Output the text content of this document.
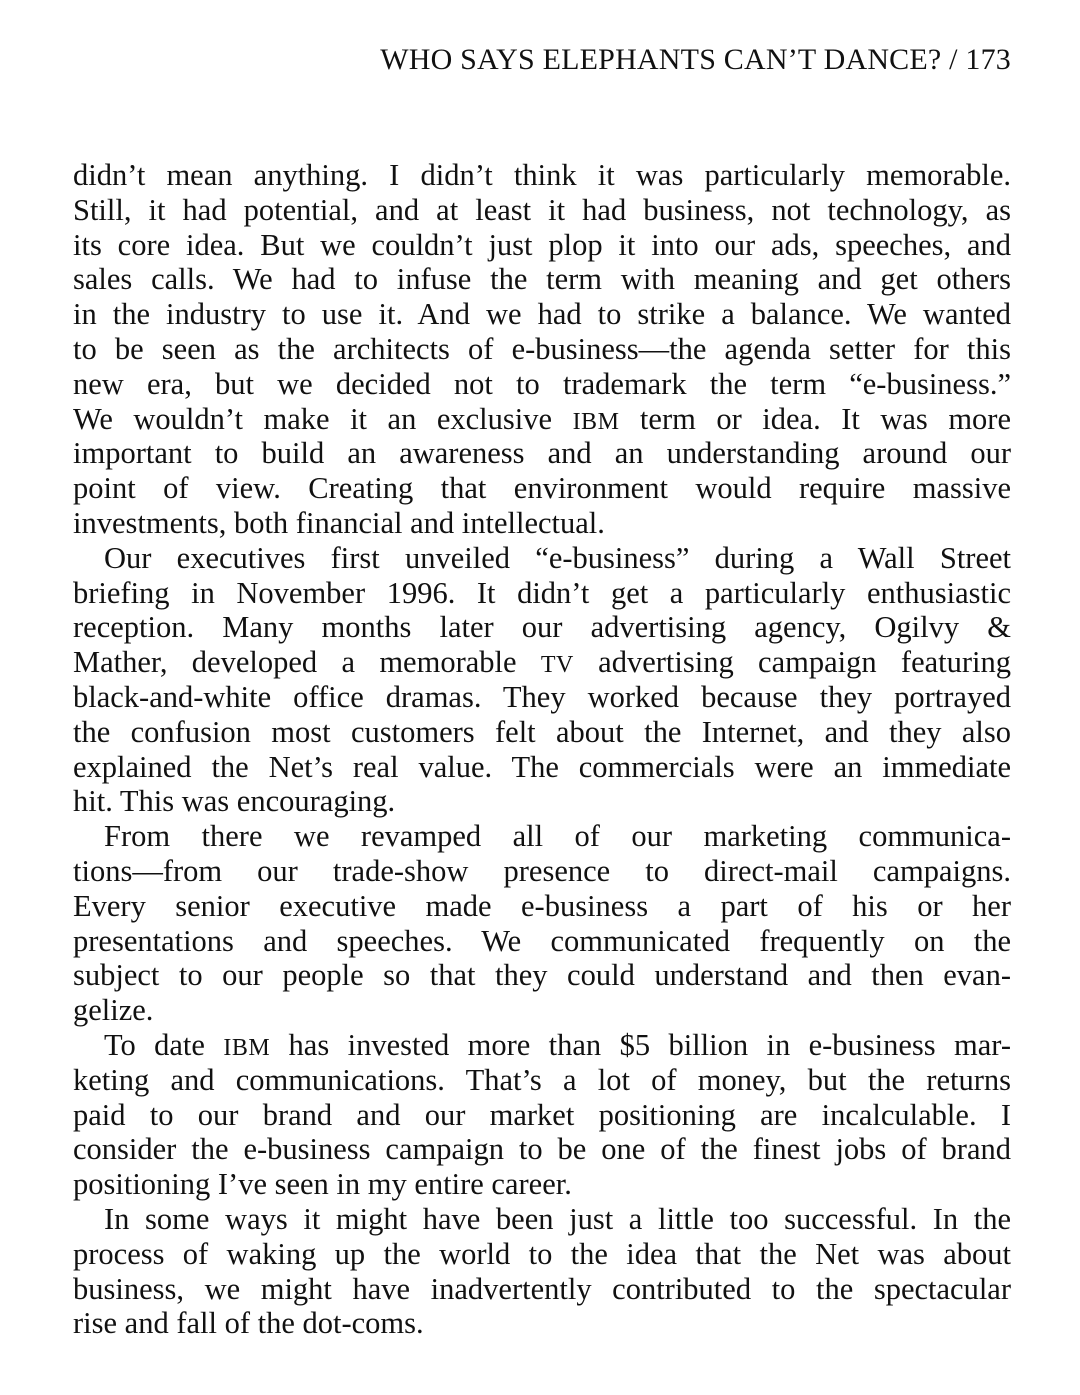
WHO SAYS ELEPHANTS CAN’T DANCE? / 173

didn’t mean anything. I didn’t think it was particularly memorable.
Still, it had potential, and at least it had business, not technology, as
its core idea. But we couldn’t just plop it into our ads, speeches, and
sales calls. We had to infuse the term with meaning and get others
in the industry to use it. And we had to strike a balance. We wanted
to be seen as the architects of e-business—the agenda setter for this
new era, but we decided not to trademark the term “e-business.”
We wouldn’t make it an exclusive IBM term or idea. It was more
important to build an awareness and an understanding around our
point of view. Creating that environment would require massive
investments, both financial and intellectual.

Our executives first unveiled “e-business” during a Wall Street
briefing in November 1996. It didn’t get a particularly enthusiastic
reception. Many months later our advertising agency, Ogilvy &
Mather, developed a memorable TV advertising campaign featuring
black-and-white office dramas. They worked because they portrayed
the confusion most customers felt about the Internet, and they also
explained the Net’s real value. The commercials were an immediate
hit. This was encouraging.

From there we revamped all of our marketing communica-
tions—from our trade-show presence to direct-mail campaigns.
Every senior executive made e-business a part of his or her
presentations and speeches. We communicated frequently on the
subject to our people so that they could understand and then evan-
gelize.

To date IBM has invested more than $5 billion in e-business mar-
keting and communications. That’s a lot of money, but the returns
paid to our brand and our market positioning are incalculable. I
consider the e-business campaign to be one of the finest jobs of brand
positioning I’ve seen in my entire career.

In some ways it might have been just a little too successful. In the
process of waking up the world to the idea that the Net was about
business, we might have inadvertently contributed to the spectacular
rise and fall of the dot-coms.
